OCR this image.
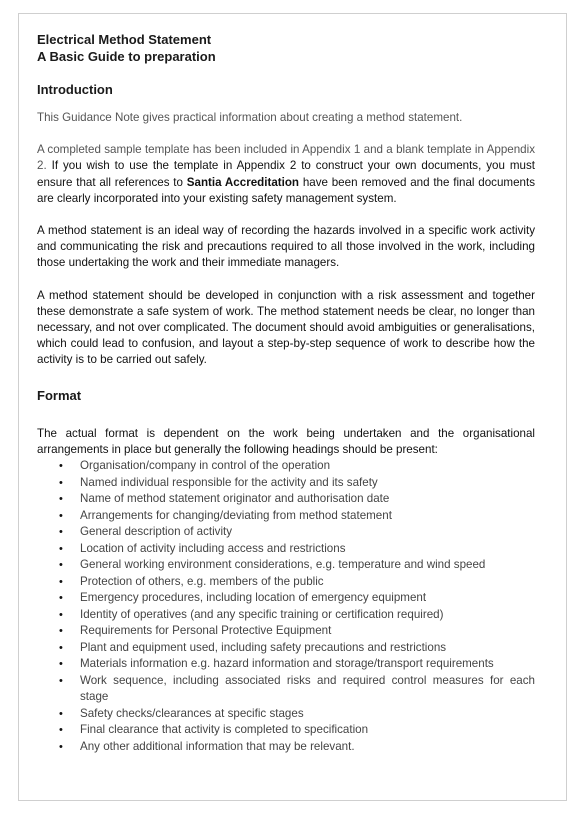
Electrical Method Statement
A Basic Guide to preparation
Introduction

This Guidance Note gives practical information about creating a method statement.

A completed sample template has been included in Appendix 1 and a blank template in Appendix 2. If you wish to use the template in Appendix 2 to construct your own documents, you must ensure that all references to Santia Accreditation have been removed and the final documents are clearly incorporated into your existing safety management system.

A method statement is an ideal way of recording the hazards involved in a specific work activity and communicating the risk and precautions required to all those involved in the work, including those undertaking the work and their immediate managers.

A method statement should be developed in conjunction with a risk assessment and together these demonstrate a safe system of work. The method statement needs be clear, no longer than necessary, and not over complicated. The document should avoid ambiguities or generalisations, which could lead to confusion, and layout a step-by-step sequence of work to describe how the activity is to be carried out safely.

Format

The actual format is dependent on the work being undertaken and the organisational arrangements in place but generally the following headings should be present:

• Organisation/company in control of the operation
• Named individual responsible for the activity and its safety
• Name of method statement originator and authorisation date
• Arrangements for changing/deviating from method statement
• General description of activity
• Location of activity including access and restrictions
• General working environment considerations, e.g. temperature and wind speed
• Protection of others, e.g. members of the public
• Emergency procedures, including location of emergency equipment
• Identity of operatives (and any specific training or certification required)
• Requirements for Personal Protective Equipment
• Plant and equipment used, including safety precautions and restrictions
• Materials information e.g. hazard information and storage/transport requirements
• Work sequence, including associated risks and required control measures for each stage
• Safety checks/clearances at specific stages
• Final clearance that activity is completed to specification
• Any other additional information that may be relevant.
